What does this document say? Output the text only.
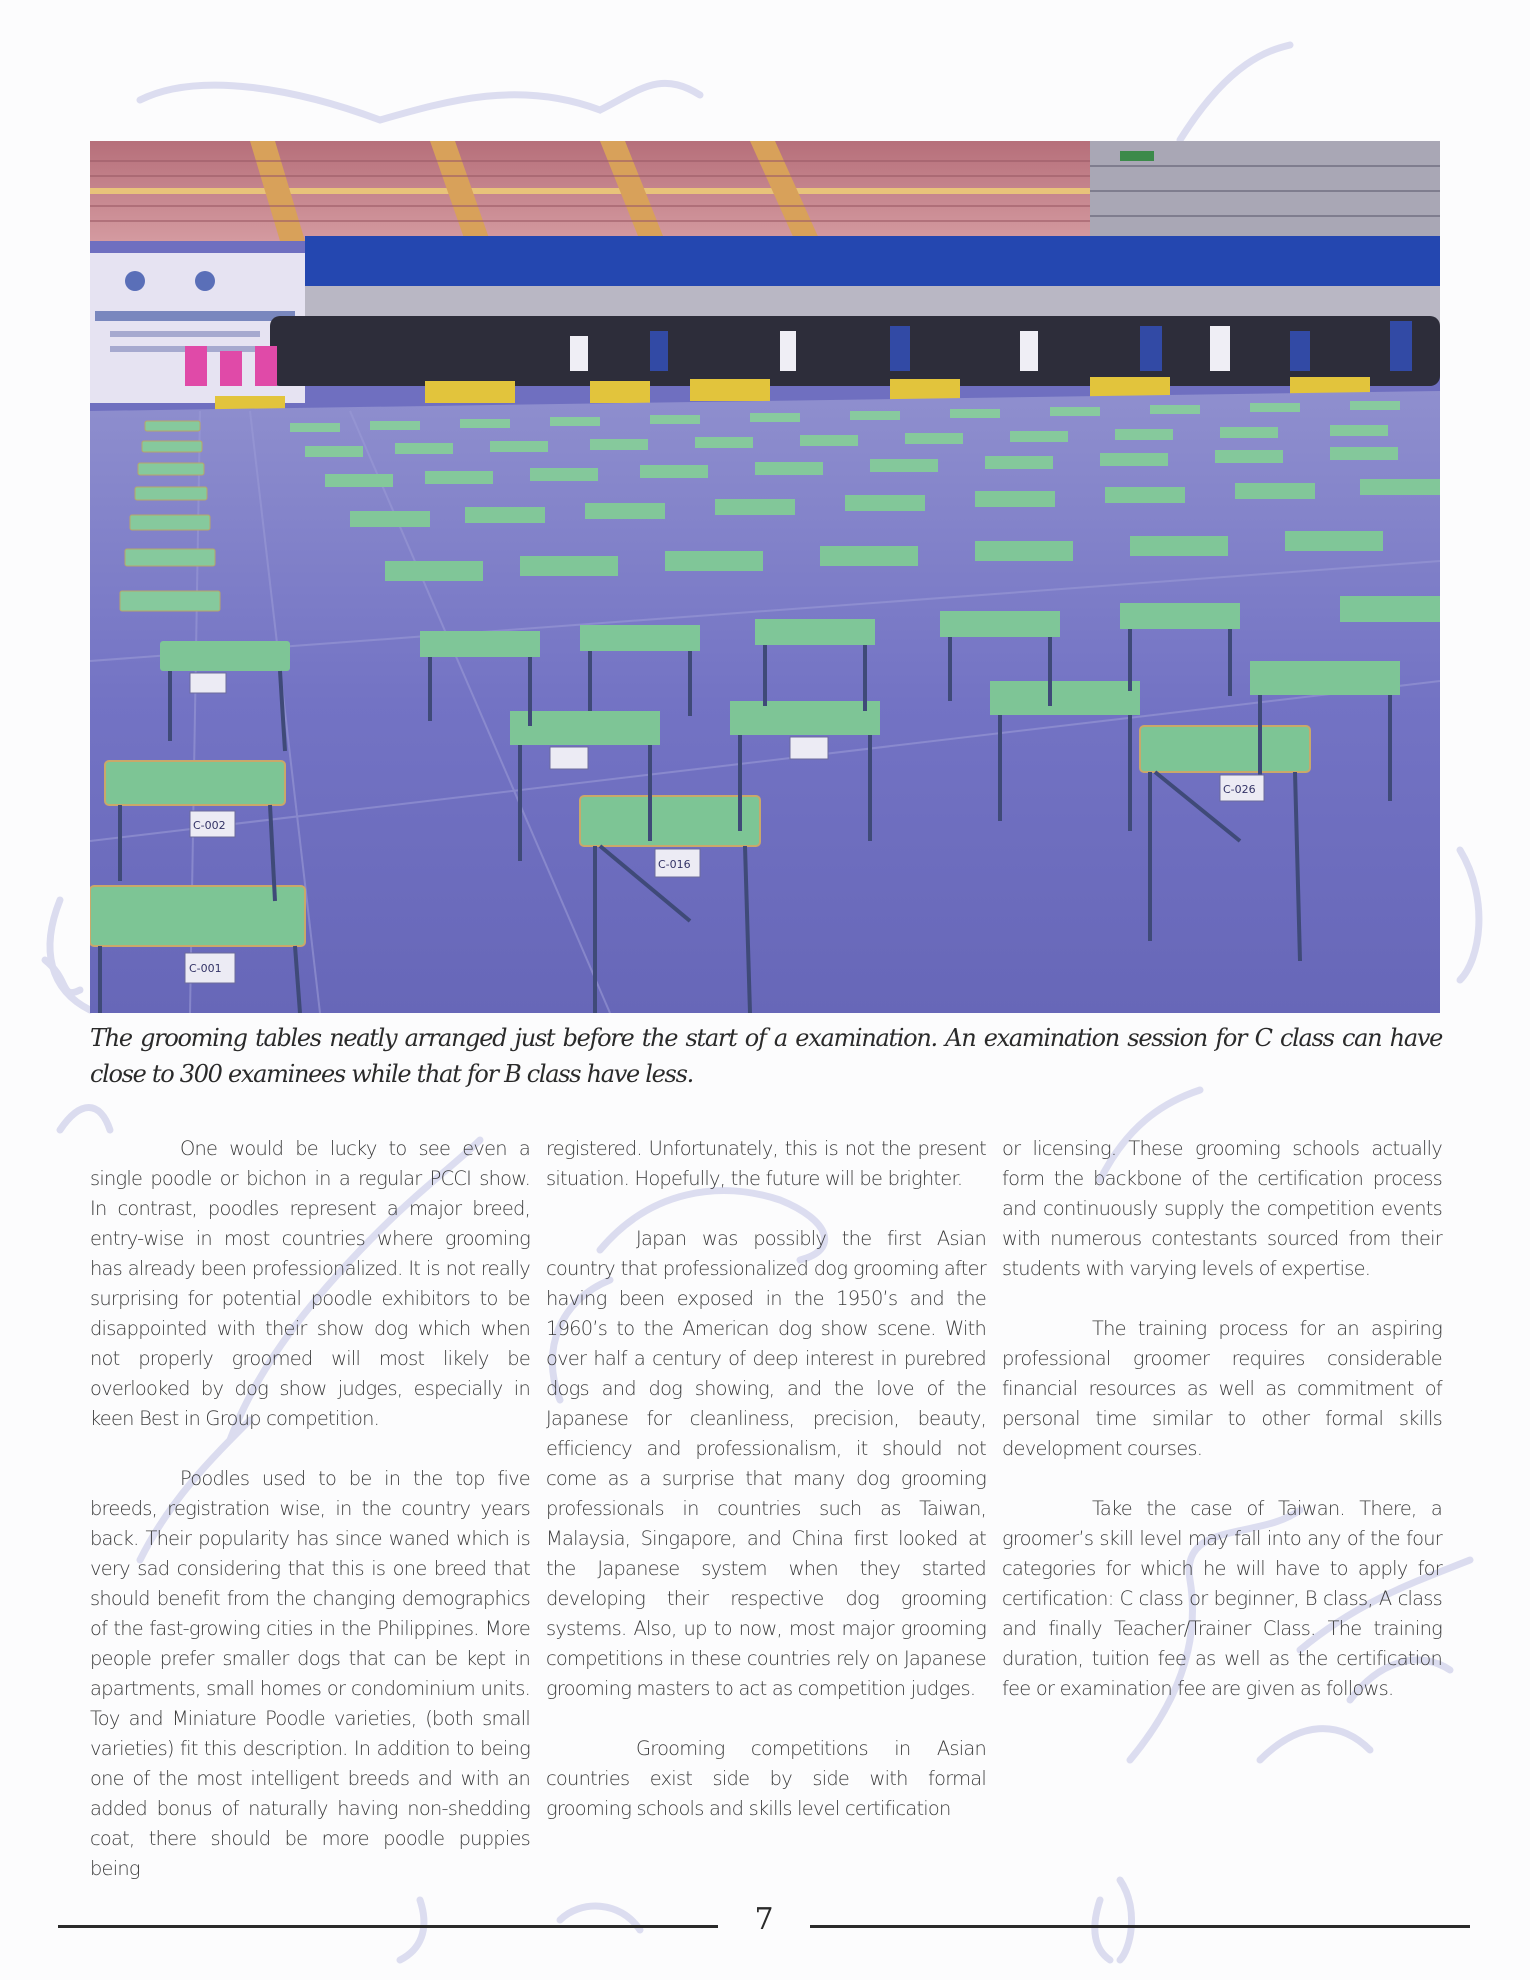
C-001
C-002
C-016
C-026
The grooming tables neatly arranged just before the start of a examination. An examination session for C class can have close to 300 examinees while that for B class have less.

One would be lucky to see even a single poodle or bichon in a regular PCCI show. In contrast, poodles represent a major breed, entry-wise in most countries where grooming has already been professionalized. It is not really surprising for potential poodle exhibitors to be disappointed with their show dog which when not properly groomed will most likely be overlooked by dog show judges, especially in keen Best in Group competition.

Poodles used to be in the top five breeds, registration wise, in the country years back. Their popularity has since waned which is very sad considering that this is one breed that should benefit from the changing demographics of the fast-growing cities in the Philippines. More people prefer smaller dogs that can be kept in apartments, small homes or condominium units. Toy and Miniature Poodle varieties, (both small varieties) fit this description. In addition to being one of the most intelligent breeds and with an added bonus of naturally having non-shedding coat, there should be more poodle puppies being

registered. Unfortunately, this is not the present situation. Hopefully, the future will be brighter.

Japan was possibly the first Asian country that professionalized dog grooming after having been exposed in the 1950’s and the 1960’s to the American dog show scene. With over half a century of deep interest in purebred dogs and dog showing, and the love of the Japanese for cleanliness, precision, beauty, efficiency and professionalism, it should not come as a surprise that many dog grooming professionals in countries such as Taiwan, Malaysia, Singapore, and China first looked at the Japanese system when they started developing their respective dog grooming systems. Also, up to now, most major grooming competitions in these countries rely on Japanese grooming masters to act as competition judges.

Grooming competitions in Asian countries exist side by side with formal grooming schools and skills level certification

or licensing. These grooming schools actually form the backbone of the certification process and continuously supply the competition events with numerous contestants sourced from their students with varying levels of expertise.

The training process for an aspiring professional groomer requires considerable financial resources as well as commitment of personal time similar to other formal skills development courses.

Take the case of Taiwan. There, a groomer’s skill level may fall into any of the four categories for which he will have to apply for certification: C class or beginner, B class, A class and finally Teacher/Trainer Class. The training duration, tuition fee as well as the certification fee or examination fee are given as follows.

7
